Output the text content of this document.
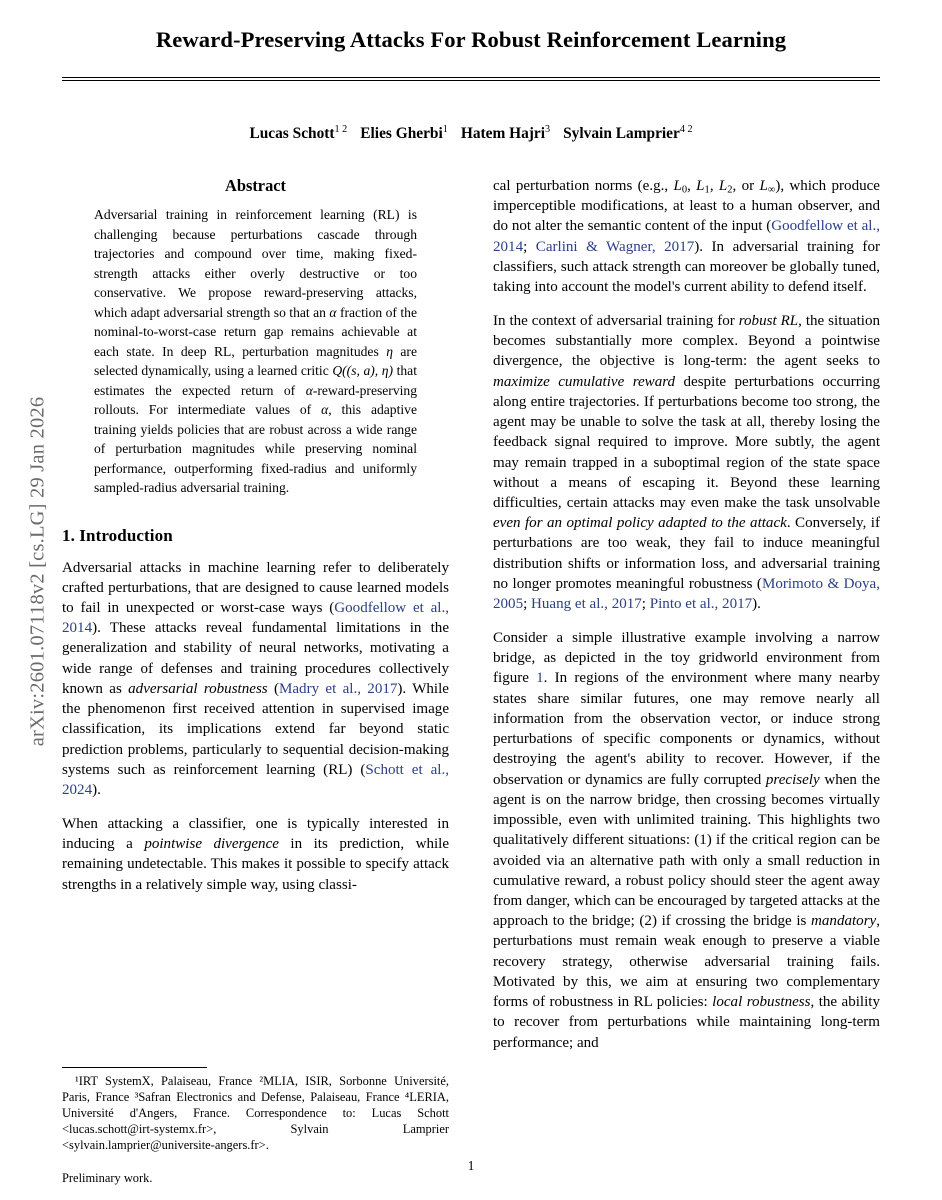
arXiv:2601.07118v2 [cs.LG] 29 Jan 2026
Reward-Preserving Attacks For Robust Reinforcement Learning
Lucas Schott$^{1 2}$ Elies Gherbi$^1$ Hatem Hajri$^3$ Sylvain Lamprier$^{4 2}$
Abstract

Adversarial training in reinforcement learning (RL) is challenging because perturbations cascade through trajectories and compound over time, making fixed-strength attacks either overly destructive or too conservative. We propose reward-preserving attacks, which adapt adversarial strength so that an α fraction of the nominal-to-worst-case return gap remains achievable at each state. In deep RL, perturbation magnitudes η are selected dynamically, using a learned critic Q((s, a), η) that estimates the expected return of α-reward-preserving rollouts. For intermediate values of α, this adaptive training yields policies that are robust across a wide range of perturbation magnitudes while preserving nominal performance, outperforming fixed-radius and uniformly sampled-radius adversarial training.

1. Introduction

Adversarial attacks in machine learning refer to deliberately crafted perturbations, that are designed to cause learned models to fail in unexpected or worst-case ways (Goodfellow et al., 2014). These attacks reveal fundamental limitations in the generalization and stability of neural networks, motivating a wide range of defenses and training procedures collectively known as adversarial robustness (Madry et al., 2017). While the phenomenon first received attention in supervised image classification, its implications extend far beyond static prediction problems, particularly to sequential decision-making systems such as reinforcement learning (RL) (Schott et al., 2024).

When attacking a classifier, one is typically interested in inducing a pointwise divergence in its prediction, while remaining undetectable. This makes it possible to specify attack strengths in a relatively simple way, using classi-

¹IRT SystemX, Palaiseau, France ²MLIA, ISIR, Sorbonne Université, Paris, France ³Safran Electronics and Defense, Palaiseau, France ⁴LERIA, Université d'Angers, France. Correspondence to: Lucas Schott <lucas.schott@irt-systemx.fr>, Sylvain Lamprier <sylvain.lamprier@universite-angers.fr>.

Preliminary work.

cal perturbation norms (e.g., $L_0$, $L_1$, $L_2$, or $L_\infty$), which produce imperceptible modifications, at least to a human observer, and do not alter the semantic content of the input (Goodfellow et al., 2014; Carlini & Wagner, 2017). In adversarial training for classifiers, such attack strength can moreover be globally tuned, taking into account the model's current ability to defend itself.

In the context of adversarial training for robust RL, the situation becomes substantially more complex. Beyond a pointwise divergence, the objective is long-term: the agent seeks to maximize cumulative reward despite perturbations occurring along entire trajectories. If perturbations become too strong, the agent may be unable to solve the task at all, thereby losing the feedback signal required to improve. More subtly, the agent may remain trapped in a suboptimal region of the state space without a means of escaping it. Beyond these learning difficulties, certain attacks may even make the task unsolvable even for an optimal policy adapted to the attack. Conversely, if perturbations are too weak, they fail to induce meaningful distribution shifts or information loss, and adversarial training no longer promotes meaningful robustness (Morimoto & Doya, 2005; Huang et al., 2017; Pinto et al., 2017).

Consider a simple illustrative example involving a narrow bridge, as depicted in the toy gridworld environment from figure 1. In regions of the environment where many nearby states share similar futures, one may remove nearly all information from the observation vector, or induce strong perturbations of specific components or dynamics, without destroying the agent's ability to recover. However, if the observation or dynamics are fully corrupted precisely when the agent is on the narrow bridge, then crossing becomes virtually impossible, even with unlimited training. This highlights two qualitatively different situations: (1) if the critical region can be avoided via an alternative path with only a small reduction in cumulative reward, a robust policy should steer the agent away from danger, which can be encouraged by targeted attacks at the approach to the bridge; (2) if crossing the bridge is mandatory, perturbations must remain weak enough to preserve a viable recovery strategy, otherwise adversarial training fails. Motivated by this, we aim at ensuring two complementary forms of robustness in RL policies: local robustness, the ability to recover from perturbations while maintaining long-term performance; and

1
